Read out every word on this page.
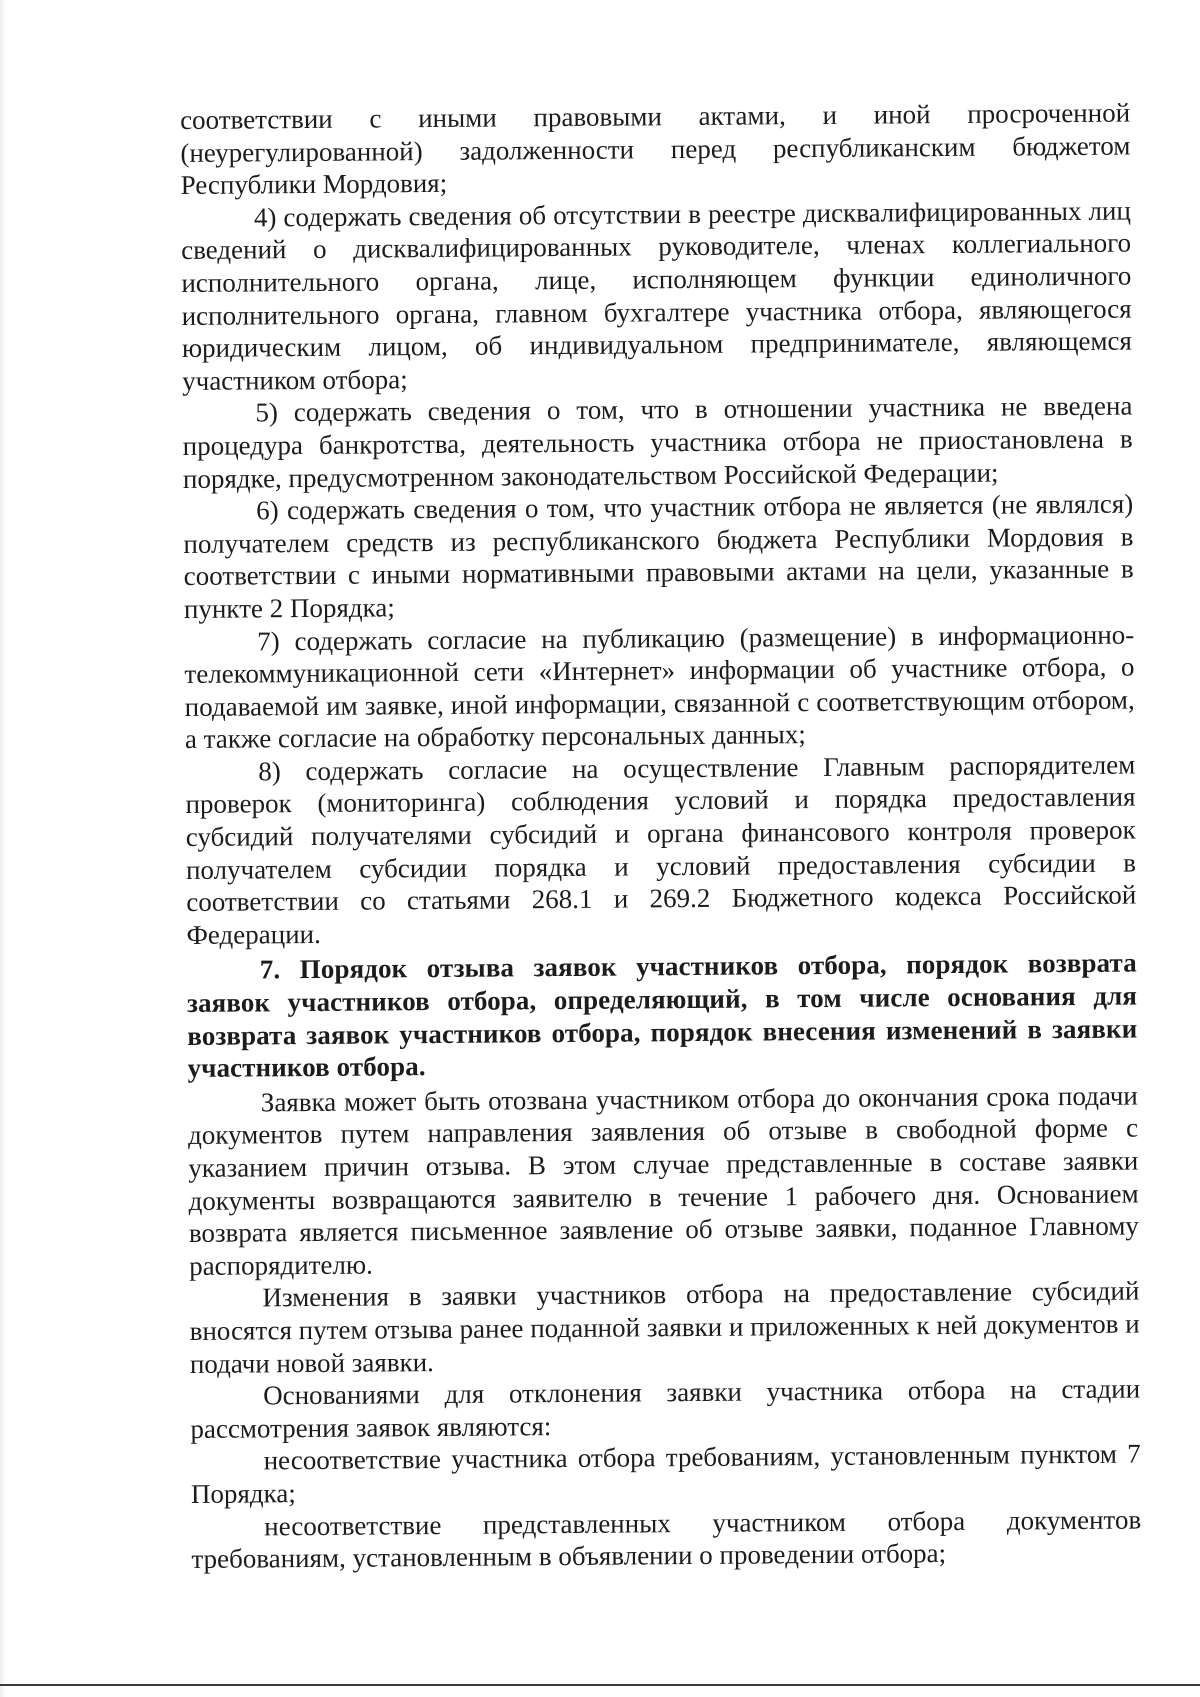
соответствии с иными правовыми актами, и иной просроченной (неурегулированной) задолженности перед республиканским бюджетом Республики Мордовия;

4) содержать сведения об отсутствии в реестре дисквалифицированных лиц сведений о дисквалифицированных руководителе, членах коллегиального исполнительного органа, лице, исполняющем функции единоличного исполнительного органа, главном бухгалтере участника отбора, являющегося юридическим лицом, об индивидуальном предпринимателе, являющемся участником отбора;

5) содержать сведения о том, что в отношении участника не введена процедура банкротства, деятельность участника отбора не приостановлена в порядке, предусмотренном законодательством Российской Федерации;

6) содержать сведения о том, что участник отбора не является (не являлся) получателем средств из республиканского бюджета Республики Мордовия в соответствии с иными нормативными правовыми актами на цели, указанные в пункте 2 Порядка;

7) содержать согласие на публикацию (размещение) в информационно-телекоммуникационной сети «Интернет» информации об участнике отбора, о подаваемой им заявке, иной информации, связанной с соответствующим отбором, а также согласие на обработку персональных данных;

8) содержать согласие на осуществление Главным распорядителем проверок (мониторинга) соблюдения условий и порядка предоставления субсидий получателями субсидий и органа финансового контроля проверок получателем субсидии порядка и условий предоставления субсидии в соответствии со статьями 268.1 и 269.2 Бюджетного кодекса Российской Федерации.

7. Порядок отзыва заявок участников отбора, порядок возврата заявок участников отбора, определяющий, в том числе основания для возврата заявок участников отбора, порядок внесения изменений в заявки участников отбора.

Заявка может быть отозвана участником отбора до окончания срока подачи документов путем направления заявления об отзыве в свободной форме с указанием причин отзыва. В этом случае представленные в составе заявки документы возвращаются заявителю в течение 1 рабочего дня. Основанием возврата является письменное заявление об отзыве заявки, поданное Главному распорядителю.

Изменения в заявки участников отбора на предоставление субсидий вносятся путем отзыва ранее поданной заявки и приложенных к ней документов и подачи новой заявки.

Основаниями для отклонения заявки участника отбора на стадии рассмотрения заявок являются:

несоответствие участника отбора требованиям, установленным пунктом 7 Порядка;

несоответствие представленных участником отбора документов требованиям, установленным в объявлении о проведении отбора;
